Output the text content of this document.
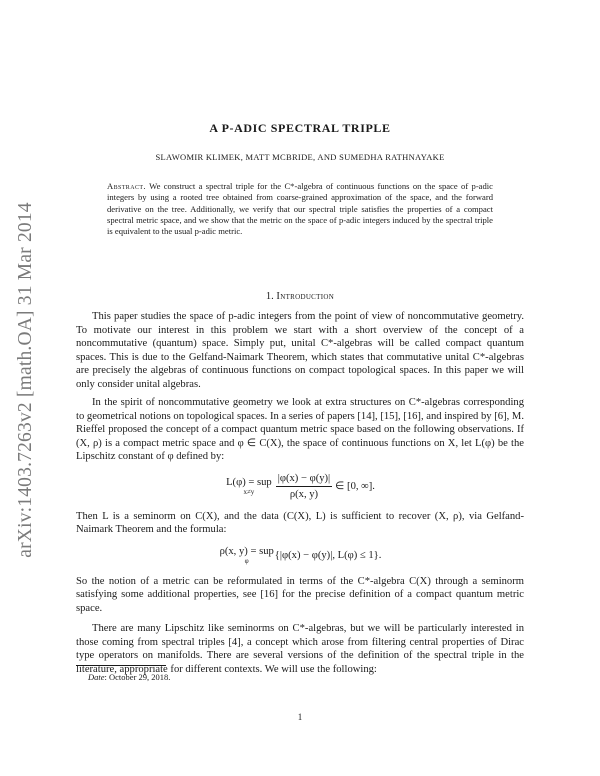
arXiv:1403.7263v2 [math.OA] 31 Mar 2014
A P-ADIC SPECTRAL TRIPLE
SLAWOMIR KLIMEK, MATT MCBRIDE, AND SUMEDHA RATHNAYAKE
Abstract. We construct a spectral triple for the C*-algebra of continuous functions on the space of p-adic integers by using a rooted tree obtained from coarse-grained approximation of the space, and the forward derivative on the tree. Additionally, we verify that our spectral triple satisfies the properties of a compact spectral metric space, and we show that the metric on the space of p-adic integers induced by the spectral triple is equivalent to the usual p-adic metric.
1. Introduction

This paper studies the space of p-adic integers from the point of view of noncommutative geometry. To motivate our interest in this problem we start with a short overview of the concept of a noncommutative (quantum) space. Simply put, unital C*-algebras will be called compact quantum spaces. This is due to the Gelfand-Naimark Theorem, which states that commutative unital C*-algebras are precisely the algebras of continuous functions on compact topological spaces. In this paper we will only consider unital algebras.

In the spirit of noncommutative geometry we look at extra structures on C*-algebras corresponding to geometrical notions on topological spaces. In a series of papers [14], [15], [16], and inspired by [6], M. Rieffel proposed the concept of a compact quantum metric space based on the following observations. If (X, ρ) is a compact metric space and φ ∈ C(X), the space of continuous functions on X, let L(φ) be the Lipschitz constant of φ defined by:

L(φ) = sup
$x\ne y \frac{|\varphi(x) - \varphi(y)|}{\rho(x, y)}$ ∈ [0, ∞].

Then L is a seminorm on C(X), and the data (C(X), L) is sufficient to recover (X, ρ), via Gelfand-Naimark Theorem and the formula:

ρ(x, y) = sup
φ
{|φ(x) − φ(y)|, L(φ) ≤ 1}.

So the notion of a metric can be reformulated in terms of the C*-algebra C(X) through a seminorm satisfying some additional properties, see [16] for the precise definition of a compact quantum metric space.

There are many Lipschitz like seminorms on C*-algebras, but we will be particularly interested in those coming from spectral triples [4], a concept which arose from filtering central properties of Dirac type operators on manifolds. There are several versions of the definition of the spectral triple in the literature, appropriate for different contexts. We will use the following:

Date: October 29, 2018.
1
